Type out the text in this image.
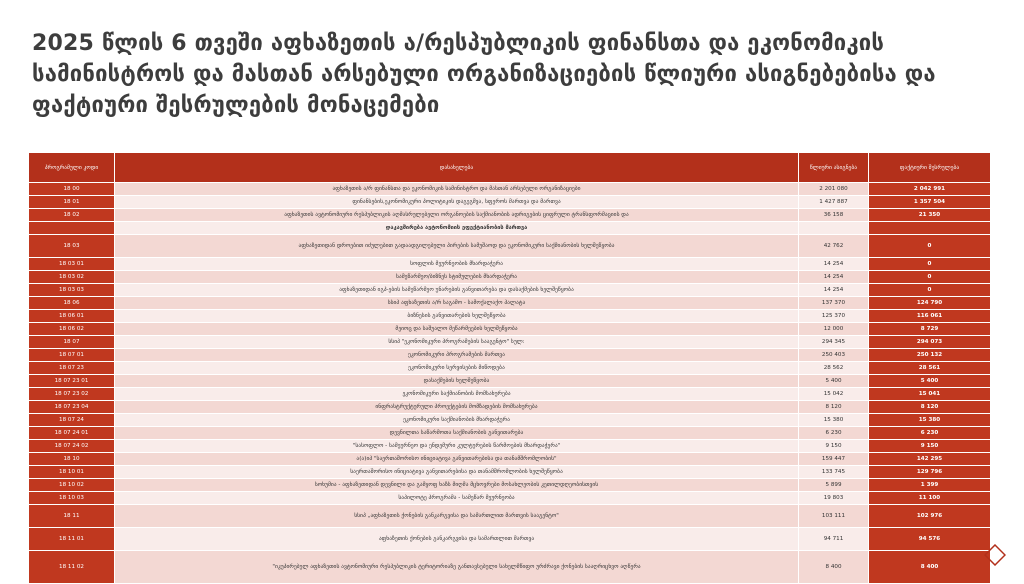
2025 წლის 6 თვეში აფხაზეთის ა/რესპუბლიკის ფინანსთა და ეკონომიკის სამინისტროს და მასთან არსებული ორგანიზაციების წლიური ასიგნებებისა და ფაქტიური შესრულების მონაცემები
პროგრამული კოდი	დასახელება	წლიური ასიგნება	ფაქტიური შესრულება
18 00	აფხაზეთის ა/რ ფინანსთა და ეკონომიკის სამინისტრო და მასთან არსებული ორგანიზაციები	2 201 080	2 042 991
18 01	ფინანსების,ეკონომიკური პოლიტიკის დაგეგმვა, სფეროს მართვა და მართვა	1 427 887	1 357 504
18 02	აფხაზეთის ავტონომიური რესპუბლიკის აღმასრულებელი ორგანოების საქმიანობის ადრიგების ციფრული ტრანსფორმაციის და	36 158	21 350
	დაკავშირება ავტონომიის ეფექტიანობის მართვა		
18 03	აფხაზეთიდან დროებით იძულებით გადაადგილებული პირების სამუშაოდ და ეკონომიკური საქმიანობის ხელშეწყობა	42 762	0
18 03 01	სოფლის მეურნეობის მხარდაჭერა	14 254	0
18 03 02	სამეწარმეო/ბიზნეს სტიმულების მხარდაჭერა	14 254	0
18 03 03	აფხაზეთიდან იგპ-ების სამეწარმეო უნარების განვითარება და დასაქმების ხელშეწყობა	14 254	0
18 06	სსიპ აფხაზეთის ა/რ საგამო - სამოქალაქო პალატა	137 370	124 790
18 06 01	ბიზნესის განვითარების ხელშეწყობა	125 370	116 061
18 06 02	მეიოც და საშუალო მეწარმეების ხელშეწყობა	12 000	8 729
18 07	სსიპ "ეკონომიკური პროგრამების სააგენტო" სულ:	294 345	294 073
18 07 01	ეკონომიკური პროგრამების მართვა	250 403	250 132
18 07 23	ეკონომიკური სერვისების მიწოდება	28 562	28 561
18 07 23 01	დასაქმების ხელშეწყობა	5 400	5 400
18 07 23 02	ეკონომიკური საქმიანობის მომსახურება	15 042	15 041
18 07 23 04	ინფრასტრუქტურული პროექტების მომზადების მომსახურება	8 120	8 120
18 07 24	ეკონომიკური საქმიანობის მხარდაჭერა	15 380	15 380
18 07 24 01	დევნილთა საწარმოთა საქმიანობის განვითარება	6 230	6 230
18 07 24 02	"სასოფლო - სამეურნეო და ენდემური კულტურების წარმოების მხარდაჭერა"	9 150	9 150
18 10	ა(ა)იპ "საერთაშორისო ინიციატივა განვითარებისა და თანამშრომლობის"	159 447	142 295
18 10 01	საერთაშორისო ინიციატივა განვითარებისა და თანამშრომლობის ხელშეწყობა	133 745	129 796
18 10 02	სოხუმია - აფხაზეთიდან დევნილი და გამყოფ ხაზს მიღმა მცხოვრები მოსახლეობის კეთილდღეობისთვის	5 899	1 399
18 10 03	საპილოტე პროგრამა - სამეწარ მეურნეობა	19 803	11 100
18 11	სსიპ „აფხაზეთის ქონების განკარგვისა და სამართლით მართვის სააგენტო"	103 111	102 976
18 11 01	აფხაზეთის ქონების განკარგვისა და სამართლით მართვა	94 711	94 576
18 11 02	"იკუპირებულ აფხაზეთის ავტონომიური რესპუბლიკის ტერიტორიაზე განთავსებული სახელმწიფო ურძრავი ქონების სააღრიცხვო აღწერა	8 400	8 400
